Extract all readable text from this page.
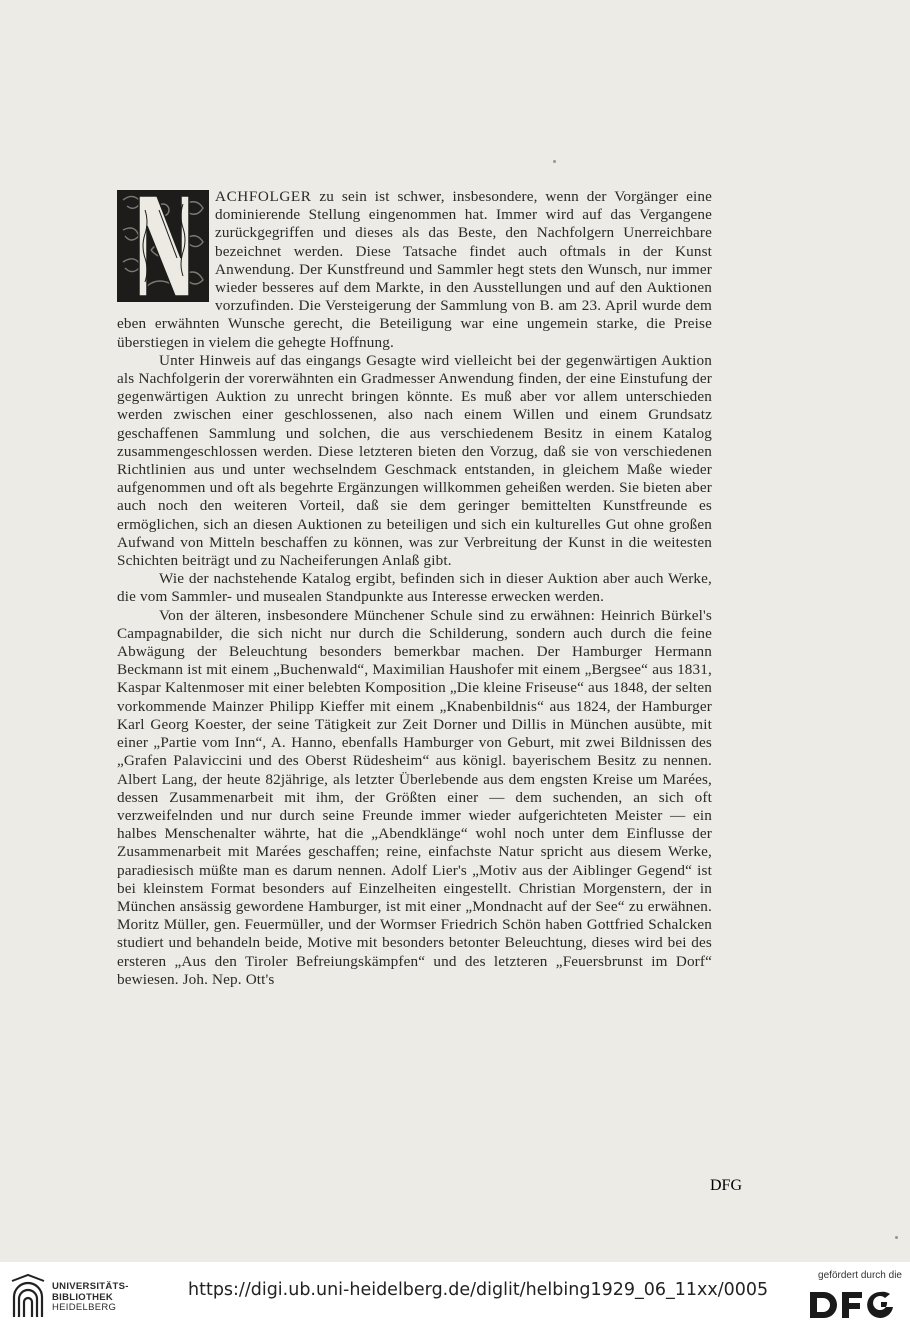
ACHFOLGER zu sein ist schwer, insbesondere, wenn der Vorgänger eine dominierende Stellung eingenommen hat. Immer wird auf das Vergangene zurückgegriffen und dieses als das Beste, den Nachfolgern Unerreichbare bezeichnet werden. Diese Tatsache findet auch oftmals in der Kunst Anwendung. Der Kunstfreund und Sammler hegt stets den Wunsch, nur immer wieder besseres auf dem Markte, in den Ausstellungen und auf den Auktionen vorzufinden. Die Versteigerung der Sammlung von B. am 23. April wurde dem eben erwähnten Wunsche gerecht, die Beteiligung war eine ungemein starke, die Preise überstiegen in vielem die gehegte Hoffnung.

Unter Hinweis auf das eingangs Gesagte wird vielleicht bei der gegenwärtigen Auktion als Nachfolgerin der vorerwähnten ein Gradmesser Anwendung finden, der eine Einstufung der gegenwärtigen Auktion zu unrecht bringen könnte. Es muß aber vor allem unterschieden werden zwischen einer geschlossenen, also nach einem Willen und einem Grundsatz geschaffenen Sammlung und solchen, die aus verschiedenem Besitz in einem Katalog zusammengeschlossen werden. Diese letzteren bieten den Vorzug, daß sie von verschiedenen Richtlinien aus und unter wechselndem Geschmack entstanden, in gleichem Maße wieder aufgenommen und oft als begehrte Ergänzungen willkommen geheißen werden. Sie bieten aber auch noch den weiteren Vorteil, daß sie dem geringer bemittelten Kunstfreunde es ermöglichen, sich an diesen Auktionen zu beteiligen und sich ein kulturelles Gut ohne großen Aufwand von Mitteln beschaffen zu können, was zur Verbreitung der Kunst in die weitesten Schichten beiträgt und zu Nacheiferungen Anlaß gibt.

Wie der nachstehende Katalog ergibt, befinden sich in dieser Auktion aber auch Werke, die vom Sammler- und musealen Standpunkte aus Interesse erwecken werden.

Von der älteren, insbesondere Münchener Schule sind zu erwähnen: Heinrich Bürkel's Campagnabilder, die sich nicht nur durch die Schilderung, sondern auch durch die feine Abwägung der Beleuchtung besonders bemerkbar machen. Der Hamburger Hermann Beckmann ist mit einem „Buchenwald“, Maximilian Haushofer mit einem „Bergsee“ aus 1831, Kaspar Kaltenmoser mit einer belebten Komposition „Die kleine Friseuse“ aus 1848, der selten vorkommende Mainzer Philipp Kieffer mit einem „Knabenbildnis“ aus 1824, der Hamburger Karl Georg Koester, der seine Tätigkeit zur Zeit Dorner und Dillis in München ausübte, mit einer „Partie vom Inn“, A. Hanno, ebenfalls Hamburger von Geburt, mit zwei Bildnissen des „Grafen Palaviccini und des Oberst Rüdesheim“ aus königl. bayerischem Besitz zu nennen. Albert Lang, der heute 82jährige, als letzter Überlebende aus dem engsten Kreise um Marées, dessen Zusammenarbeit mit ihm, der Größten einer — dem suchenden, an sich oft verzweifelnden und nur durch seine Freunde immer wieder aufgerichteten Meister — ein halbes Menschenalter währte, hat die „Abendklänge“ wohl noch unter dem Einflusse der Zusammenarbeit mit Marées geschaffen; reine, einfachste Natur spricht aus diesem Werke, paradiesisch müßte man es darum nennen. Adolf Lier's „Motiv aus der Aiblinger Gegend“ ist bei kleinstem Format besonders auf Einzelheiten eingestellt. Christian Morgenstern, der in München ansässig gewordene Hamburger, ist mit einer „Mondnacht auf der See“ zu erwähnen. Moritz Müller, gen. Feuermüller, und der Wormser Friedrich Schön haben Gottfried Schalcken studiert und behandeln beide, Motive mit besonders betonter Beleuchtung, dieses wird bei des ersteren „Aus den Tiroler Befreiungskämpfen“ und des letzteren „Feuersbrunst im Dorf“ bewiesen. Joh. Nep. Ott's

UNIVERSITÄTS-
BIBLIOTHEK
HEIDELBERG
https://digi.ub.uni-heidelberg.de/diglit/helbing1929_06_11xx/0005
gefördert durch die
DFG
